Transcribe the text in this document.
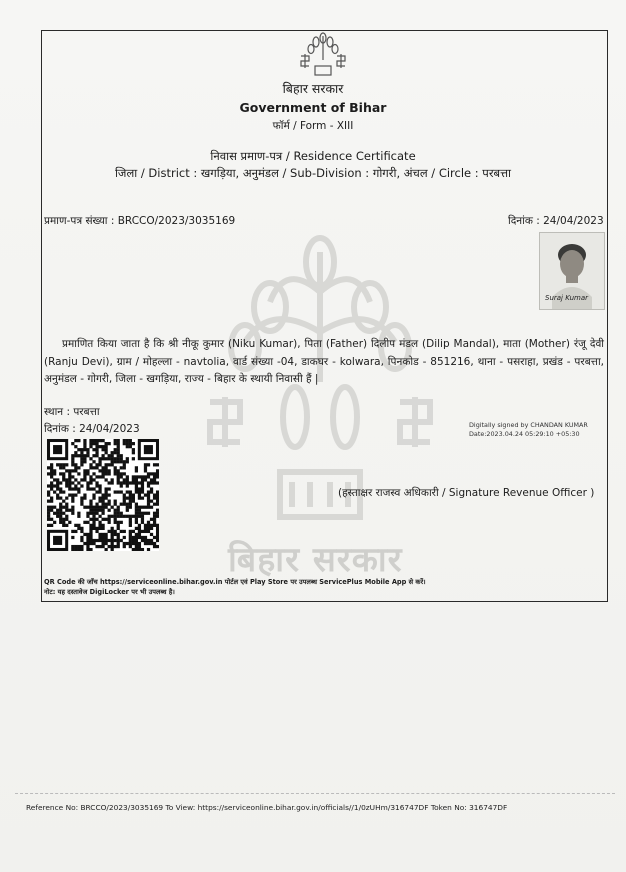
बिहार सरकार
बिहार सरकार
Government of Bihar
फॉर्म / Form - XIII
निवास प्रमाण-पत्र / Residence Certificate
जिला / District : खगड़िया, अनुमंडल / Sub-Division : गोगरी, अंचल / Circle : परबत्ता
प्रमाण-पत्र संख्या : BRCCO/2023/3035169	दिनांक : 24/04/2023
Suraj Kumar
प्रमाणित किया जाता है कि श्री नीकू कुमार (Niku Kumar), पिता (Father) दिलीप मंडल (Dilip Mandal), माता (Mother) रंजू देवी (Ranju Devi), ग्राम / मोहल्ला - navtolia, वार्ड संख्या -04, डाकघर - kolwara, पिनकोड - 851216, थाना - पसराहा, प्रखंड - परबत्ता, अनुमंडल - गोगरी, जिला - खगड़िया, राज्य - बिहार के स्थायी निवासी हैं |
स्थान : परबत्ता
दिनांक : 24/04/2023	Digitally signed by CHANDAN KUMAR
Date:2023.04.24 05:29:10 +05:30
(हस्ताक्षर राजस्व अधिकारी / Signature Revenue Officer )
QR Code की जाँच https://serviceonline.bihar.gov.in पोर्टल एवं Play Store पर उपलब्ध ServicePlus Mobile App से करें।
नोट: यह दस्तावेज DigiLocker पर भी उपलब्ध है।
Reference No: BRCCO/2023/3035169 To View: https://serviceonline.bihar.gov.in/officials//1/0zUHm/316747DF Token No: 316747DF
